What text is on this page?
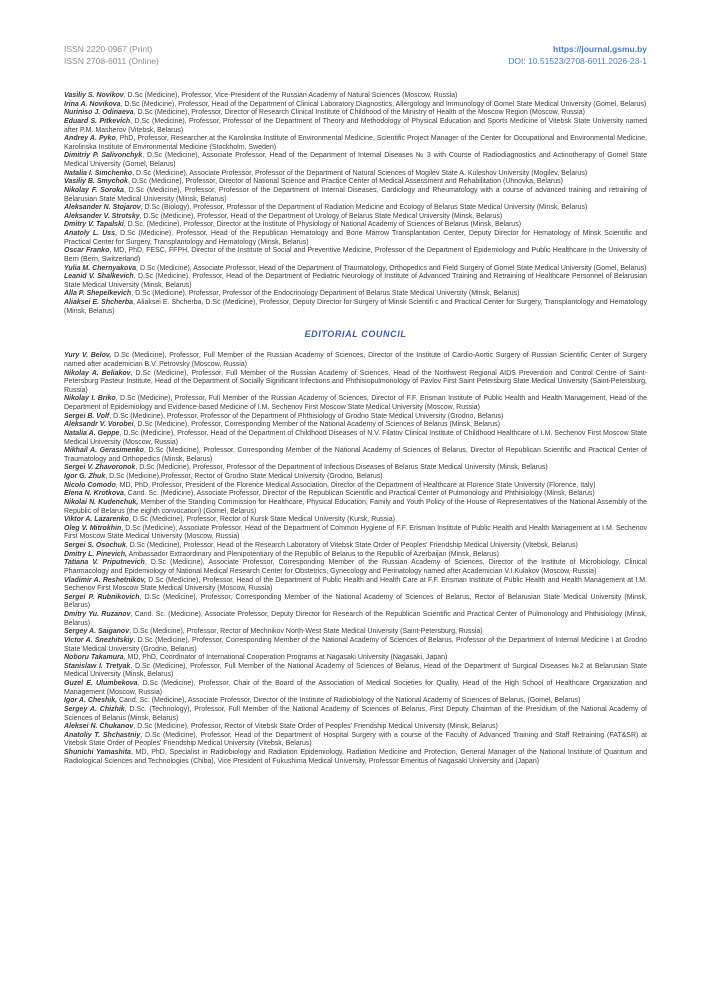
ISSN 2220-0967 (Print)
ISSN 2708-6011 (Online)
https://journal.gsmu.by
DOI: 10.51523/2708-6011.2026-23-1

Vasiliy S. Novikov, D.Sc (Medicine), Professor, Vice-President of the Russian Academy of Natural Sciences (Moscow, Russia)

Irina A. Novikova, D.Sc (Medicine), Professor, Head of the Department of Clinical Laboratory Diagnostics, Allergology and Immunology of Gomel State Medical University (Gomel, Belarus)

Nuriniso J. Odinaeva, D.Sc (Medicine), Professor, Director of Research Clinical Institute of Childhood of the Ministry of Health of the Moscow Region (Moscow, Russia)

Eduard S. Pitkevich, D.Sc (Medicine), Professor, Professor of the Department of Theory and Methodology of Physical Education and Sports Medicine of Vitebsk State University named after P.M. Masherov (Vitebsk, Belarus)

Andrey A. Pyko, PhD, Professor, Researcher at the Karolinska Institute of Environmental Medicine, Scientific Project Manager of the Center for Occupational and Environmental Medicine, Karolinska Institute of Environmental Medicine (Stockholm, Sweden)

Dimitriy P. Salivonchyk, D.Sc (Medicine), Associate Professor, Head of the Department of Internal Diseases № 3 with Course of Radiodiagnostics and Actinotherapy of Gomel State Medical University (Gomel, Belarus)

Natalia I. Simchenko, D.Sc (Medicine), Associate Professor, Professor of the Department of Natural Sciences of Mogilev State A. Kuleshov University (Mogilev, Belarus)

Vasiliy B. Smychok, D.Sc (Medicine), Professor, Director of National Science and Practice Center of Medical Assessment and Rehabilitation (Uhnovka, Belarus)

Nikolay F. Soroka, D.Sc (Medicine), Professor, Professor of the Department of Internal Diseases, Cardiology and Rheumatology with a course of advanced training and retraining of Belarusian State Medical University (Minsk, Belarus)

Aleksander N. Stojarov, D.Sc (Biology), Professor, Professor of the Department of Radiation Medicine and Ecology of Belarus State Medical University (Minsk, Belarus)

Aleksander V. Strotsky, D.Sc (Medicine), Professor, Head of the Department of Urology of Belarus State Medical University (Minsk, Belarus)

Dmitry V. Tapalski, D.Sc. (Medicine), Professor, Director at the Institute of Physiology of National Academy of Sciences of Belarus (Minsk, Belarus)

Anatoly L. Uss, D.Sc (Medicine), Professor, Head of the Republican Hematology and Bone Marrow Transplantation Center, Deputy Director for Hematology of Minsk Scientific and Practical Center for Surgery, Transplantology and Hematology (Minsk, Belarus)

Oscar Franko, MD, PhD, FESC, FFPH, Director of the Institute of Social and Preventive Medicine, Professor of the Department of Epidemiology and Public Healthcare in the University of Bern (Bern, Switzerland)

Yulia M. Chernyakova, D.Sc (Medicine), Associate Professor, Head of the Department of Traumatology, Orthopedics and Field Surgery of Gomel State Medical University (Gomel, Belarus)

Leanid V. Shalkevich, D.Sc (Medicine), Professor, Head of the Department of Pediatric Neurology of Institute of Advanced Training and Retraining of Healthcare Personnel of Belarusian State Medical University (Minsk, Belarus)

Alla P. Shepelkevich, D.Sc (Medicine), Professor, Professor of the Endocrinology Department of Belarus State Medical University (Minsk, Belarus)

Aliaksei E. Shcherba, Aliaksei E. Shcherba, D.Sc (Medicine), Professor, Deputy Director for Surgery of Minsk Scientifi c and Practical Center for Surgery, Transplantology and Hematology (Minsk, Belarus)

EDITORIAL COUNCIL

Yury V. Belov, D.Sc (Medicine), Professor, Full Member of the Russian Academy of Sciences, Director of the Institute of Cardio-Aortic Surgery of Russian Scientific Center of Surgery named after academician B.V. Petrovsky (Moscow, Russia)

Nikolay A. Beliakov, D.Sc (Medicine), Professor, Full Member of the Russian Academy of Sciences, Head of the Northwest Regional AIDS Prevention and Control Centre of Saint-Petersburg Pasteur Institute, Head of the Department of Socially Significant Infections and Phthisiopulmonology of Pavlov First Saint Petersburg State Medical University (Saint-Petersburg, Russia)

Nikolay I. Briko, D.Sc (Medicine), Professor, Full Member of the Russian Academy of Sciences, Director of F.F. Erisman Institute of Public Health and Health Management, Head of the Department of Epidemiology and Evidence-based Medicine of I.M. Sechenov First Moscow State Medical University (Moscow, Russia)

Sergei B. Volf, D.Sc (Medicine), Professor, Professor of the Department of Phthisiology of Grodno State Medical University (Grodno, Belarus)

Aleksandr V. Vorobei, D.Sc (Medicine), Professor, Corresponding Member of the National Academy of Sciences of Belarus (Minsk, Belarus)

Natalia A. Geppe, D.Sc (Medicine), Professor, Head of the Department of Childhood Diseases of N.V. Filatov Clinical Institute of Childhood Healthcare of I.M. Sechenov First Moscow State Medical University (Moscow, Russia)

Mikhail A. Gerasimenko, D.Sc (Medicine), Professor, Corresponding Member of the National Academy of Sciences of Belarus, Director of Republican Scientific and Practical Center of Traumatology and Orthopedics (Minsk, Belarus)

Sergei V. Zhavoronok, D.Sc (Medicine), Professor, Professor of the Department of Infectious Diseases of Belarus State Medical University (Minsk, Belarus)

Igor G. Zhuk, D.Sc (Medicine),Professor, Rector of Grodno State Medical University (Grodno, Belarus)

Nicolo Comodo, MD, PhD, Professor, President of the Florence Medical Association, Director of the Department of Healthcare at Florence State University (Florence, Italy)

Elena N. Krotkova, Cand. Sc. (Medicine), Associate Professor, Director of the Republican Scientific and Practical Center of Pulmonology and Phthisiology (Minsk, Belarus)

Nikolai N. Kudenchuk, Member of the Standing Commission for Healthcare, Physical Education, Family and Youth Policy of the House of Representatives of the National Assembly of the Republic of Belarus (the eighth convocation) (Gomel, Belarus)

Viktor A. Lazarenko, D.Sc (Medicine), Professor, Rector of Kursk State Medical University (Kursk, Russia)

Oleg V. Mitrokhin, D.Sc (Medicine), Associate Professor, Head of the Department of Common Hygiene of F.F. Erisman Institute of Public Health and Health Management at I.M. Sechenov First Moscow State Medical University (Moscow, Russia)

Sergei S. Osochuk, D.Sc (Medicine), Professor, Head of the Research Laboratory of Vitebsk State Order of Peoples' Friendship Medical University (Vitebsk, Belarus)

Dmitry L. Pinevich, Ambassador Extraordinary and Plenipotentiary of the Republic of Belarus to the Republic of Azerbaijan (Minsk, Belarus)

Tatiana V. Priputnevich, D.Sc (Medicine), Associate Professor, Corresponding Member of the Russian Academy of Sciences, Director of the Institute of Microbiology, Clinical Pharmacology and Epidemiology of National Medical Research Center for Obstetrics, Gynecology and Perinatology named after Academician V.I.Kulakov (Moscow, Russia)

Vladimir A. Reshetnikov, D.Sc (Medicine), Professor, Head of the Department of Public Health and Health Care at F.F. Erisman Institute of Public Health and Health Management at I.M. Sechenov First Moscow State Medical University (Moscow, Russia)

Sergei P. Rubnikovich, D.Sc (Medicine), Professor, Corresponding Member of the National Academy of Sciences of Belarus, Rector of Belarusian State Medical University (Minsk, Belarus)

Dmitry Yu. Ruzanov, Cand. Sc. (Medicine), Associate Professor, Deputy Director for Research of the Republican Scientific and Practical Center of Pulmonology and Phthisiology (Minsk, Belarus)

Sergey A. Saiganov, D.Sc (Medicine), Professor, Rector of Mechnikov North-West State Medical University (Saint-Petersburg, Russia)

Victor A. Snezhitskiy, D.Sc (Medicine), Professor, Corresponding Member of the National Academy of Sciences of Belarus, Professor of the Department of Internal Medicine I at Grodno State Medical University (Grodno, Belarus)

Noboru Takamura, MD, PhD, Coordinator of International Cooperation Programs at Nagasaki University (Nagasaki, Japan)

Stanislaw I. Tretyak, D.Sc (Medicine), Professor, Full Member of the National Academy of Sciences of Belarus, Head of the Department of Surgical Diseases №2 at Belarusian State Medical University (Minsk, Belarus)

Guzel E. Ulumbekova, D.Sc (Medicine), Professor, Chair of the Board of the Association of Medical Societies for Quality, Head of the High School of Healthcare Organization and Management (Moscow, Russia)

Igor A. Cheshik, Cand. Sc. (Medicine), Associate Professor, Director of the Institute of Radiobiology of the National Academy of Sciences of Belarus, (Gomel, Belarus)

Sergey A. Chizhik, D.Sc. (Technology), Professor, Full Member of the National Academy of Sciences of Belarus, First Deputy Chairman of the Presidium of the National Academy of Sciences of Belarus (Minsk, Belarus)

Aleksei N. Chukanov, D.Sc (Medicine), Professor, Rector of Vitebsk State Order of Peoples' Friendship Medical University (Minsk, Belarus)

Anatoliy T. Shchastniy, D.Sc (Medicine), Professor, Head of the Department of Hospital Surgery with a course of the Faculty of Advanced Training and Staff Retraining (FAT&SR) at Vitebsk State Order of Peoples' Friendship Medical University (Vitebsk, Belarus)

Shunichi Yamashita, MD, PhD, Specialist in Radiobiology and Radiation Epidemiology, Radiation Medicine and Protection, General Manager of the National Institute of Quantum and Radiological Sciences and Technologies (Chiba), Vice President of Fukushima Medical University, Professor Emeritus of Nagasaki University and (Japan)
